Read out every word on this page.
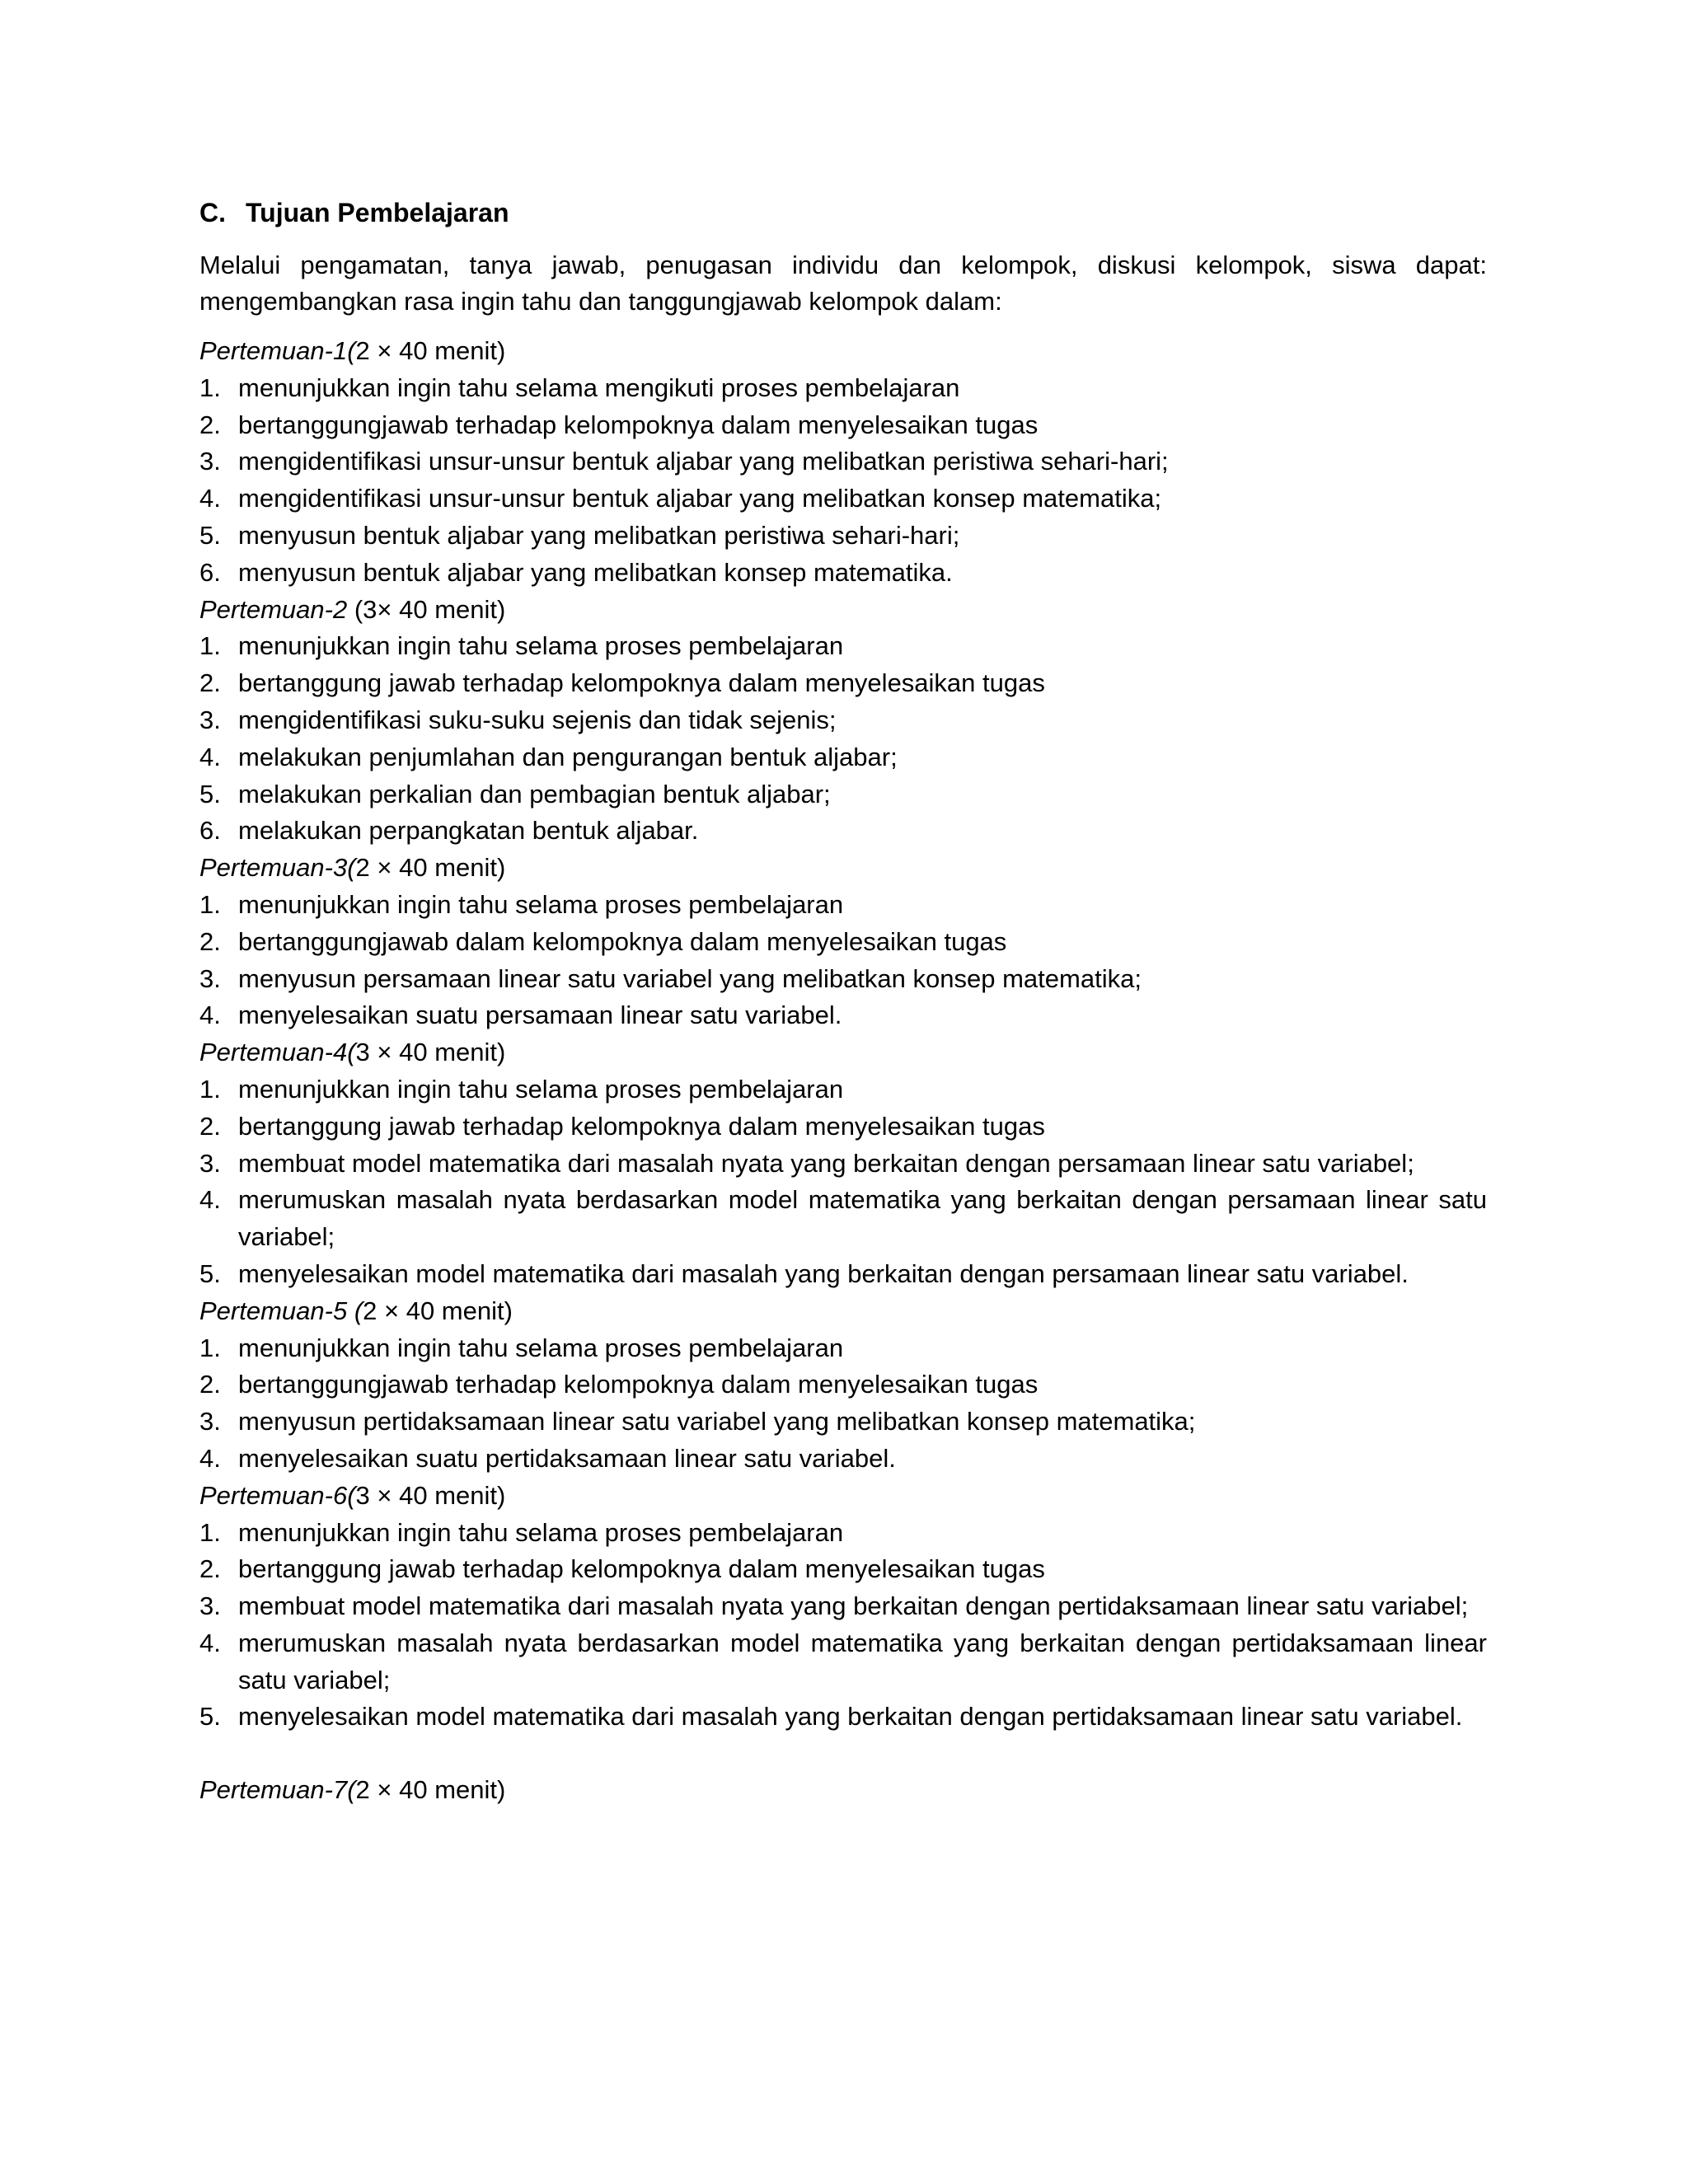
C. Tujuan Pembelajaran

Melalui pengamatan, tanya jawab, penugasan individu dan kelompok, diskusi kelompok, siswa dapat: mengembangkan rasa ingin tahu dan tanggungjawab kelompok dalam:

Pertemuan-1(2 × 40 menit)

1. menunjukkan ingin tahu selama mengikuti proses pembelajaran
2. bertanggungjawab terhadap kelompoknya dalam menyelesaikan tugas
3. mengidentifikasi unsur-unsur bentuk aljabar yang melibatkan peristiwa sehari-hari;
4. mengidentifikasi unsur-unsur bentuk aljabar yang melibatkan konsep matematika;
5. menyusun bentuk aljabar yang melibatkan peristiwa sehari-hari;
6. menyusun bentuk aljabar yang melibatkan konsep matematika.

Pertemuan-2 (3× 40 menit)

1. menunjukkan ingin tahu selama proses pembelajaran
2. bertanggung jawab terhadap kelompoknya dalam menyelesaikan tugas
3. mengidentifikasi suku-suku sejenis dan tidak sejenis;
4. melakukan penjumlahan dan pengurangan bentuk aljabar;
5. melakukan perkalian dan pembagian bentuk aljabar;
6. melakukan perpangkatan bentuk aljabar.

Pertemuan-3(2 × 40 menit)

1. menunjukkan ingin tahu selama proses pembelajaran
2. bertanggungjawab dalam kelompoknya dalam menyelesaikan tugas
3. menyusun persamaan linear satu variabel yang melibatkan konsep matematika;
4. menyelesaikan suatu persamaan linear satu variabel.

Pertemuan-4(3 × 40 menit)

1. menunjukkan ingin tahu selama proses pembelajaran
2. bertanggung jawab terhadap kelompoknya dalam menyelesaikan tugas
3. membuat model matematika dari masalah nyata yang berkaitan dengan persamaan linear satu variabel;
4. merumuskan masalah nyata berdasarkan model matematika yang berkaitan dengan persamaan linear satu variabel;
5. menyelesaikan model matematika dari masalah yang berkaitan dengan persamaan linear satu variabel.

Pertemuan-5 (2 × 40 menit)

1. menunjukkan ingin tahu selama proses pembelajaran
2. bertanggungjawab terhadap kelompoknya dalam menyelesaikan tugas
3. menyusun pertidaksamaan linear satu variabel yang melibatkan konsep matematika;
4. menyelesaikan suatu pertidaksamaan linear satu variabel.

Pertemuan-6(3 × 40 menit)

1. menunjukkan ingin tahu selama proses pembelajaran
2. bertanggung jawab terhadap kelompoknya dalam menyelesaikan tugas
3. membuat model matematika dari masalah nyata yang berkaitan dengan pertidaksamaan linear satu variabel;
4. merumuskan masalah nyata berdasarkan model matematika yang berkaitan dengan pertidaksamaan linear satu variabel;
5. menyelesaikan model matematika dari masalah yang berkaitan dengan pertidaksamaan linear satu variabel.

Pertemuan-7(2 × 40 menit)
